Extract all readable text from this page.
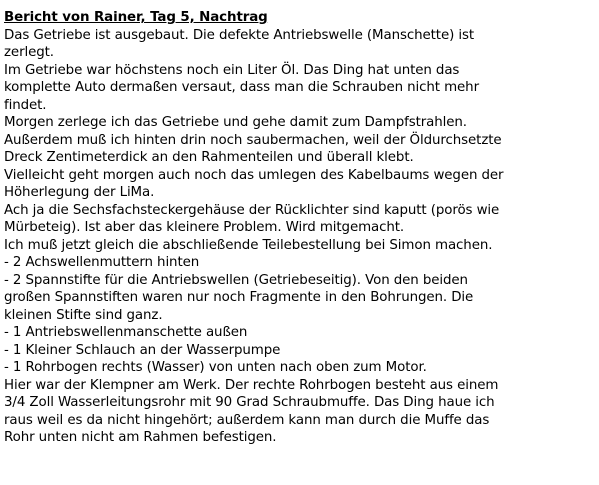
Bericht von Rainer, Tag 5, Nachtrag
Das Getriebe ist ausgebaut. Die defekte Antriebswelle (Manschette) ist
zerlegt.
Im Getriebe war höchstens noch ein Liter Öl. Das Ding hat unten das
komplette Auto dermaßen versaut, dass man die Schrauben nicht mehr
findet.
Morgen zerlege ich das Getriebe und gehe damit zum Dampfstrahlen.
Außerdem muß ich hinten drin noch saubermachen, weil der Öldurchsetzte
Dreck Zentimeterdick an den Rahmenteilen und überall klebt.
Vielleicht geht morgen auch noch das umlegen des Kabelbaums wegen der
Höherlegung der LiMa.
Ach ja die Sechsfachsteckergehäuse der Rücklichter sind kaputt (porös wie
Mürbeteig). Ist aber das kleinere Problem. Wird mitgemacht.
Ich muß jetzt gleich die abschließende Teilebestellung bei Simon machen.
- 2 Achswellenmuttern hinten
- 2 Spannstifte für die Antriebswellen (Getriebeseitig). Von den beiden
großen Spannstiften waren nur noch Fragmente in den Bohrungen. Die
kleinen Stifte sind ganz.
- 1 Antriebswellenmanschette außen
- 1 Kleiner Schlauch an der Wasserpumpe
- 1 Rohrbogen rechts (Wasser) von unten nach oben zum Motor.
Hier war der Klempner am Werk. Der rechte Rohrbogen besteht aus einem
3/4 Zoll Wasserleitungsrohr mit 90 Grad Schraubmuffe. Das Ding haue ich
raus weil es da nicht hingehört; außerdem kann man durch die Muffe das
Rohr unten nicht am Rahmen befestigen.
